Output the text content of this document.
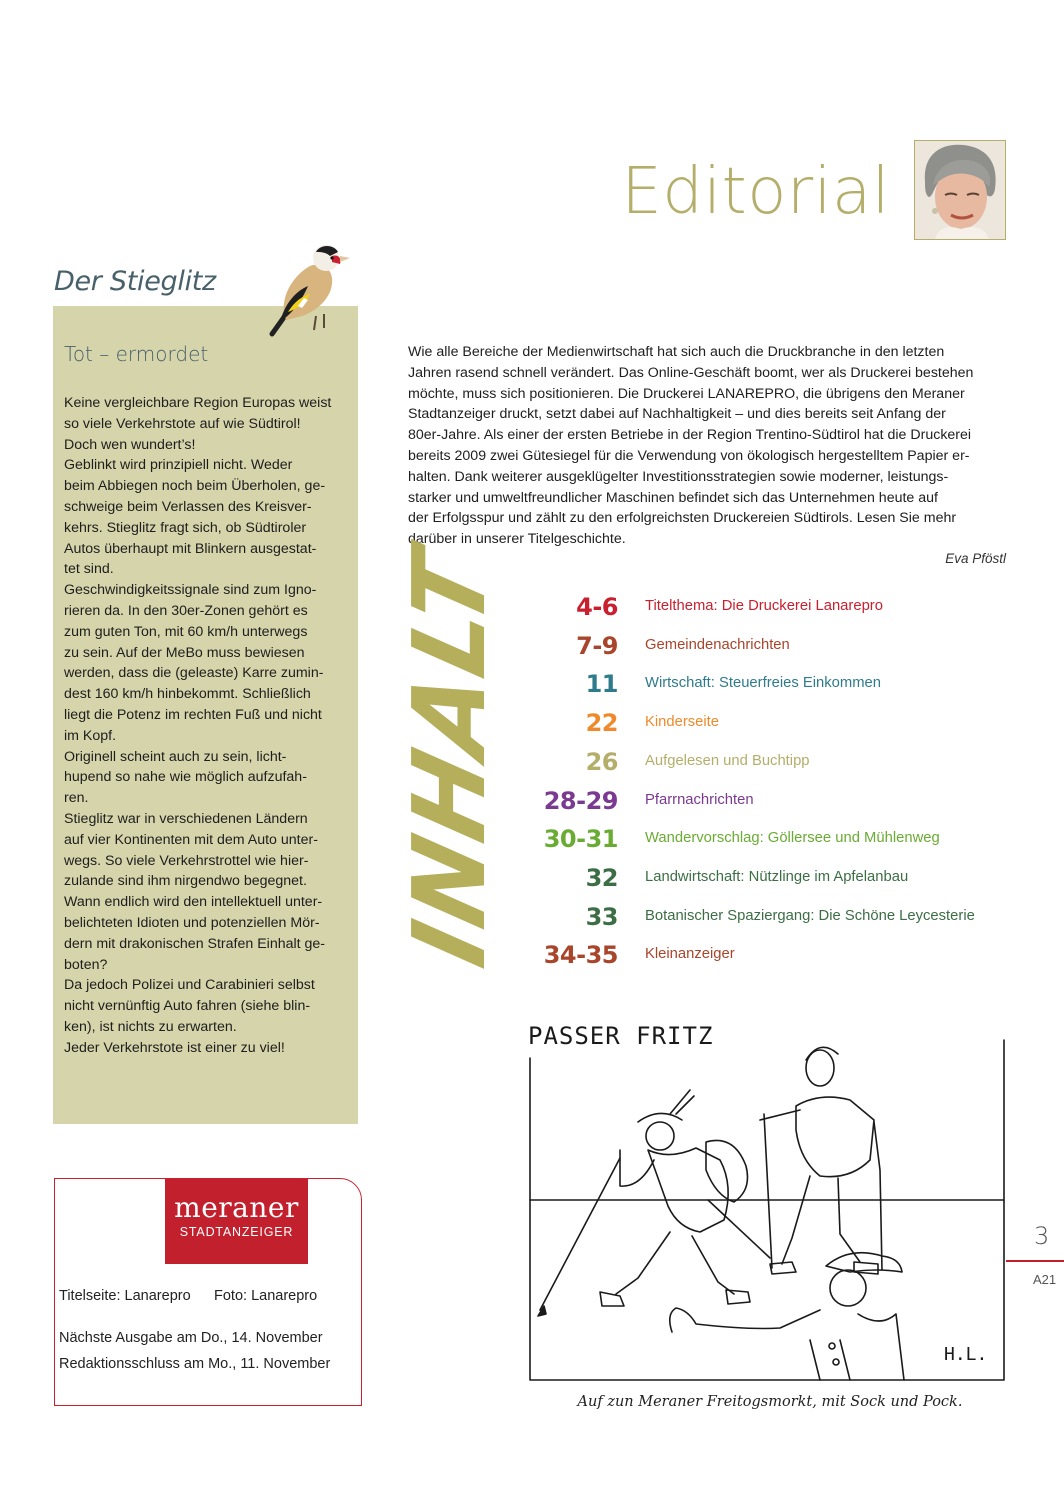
Editorial
Der Stieglitz
Tot – ermordet
Keine vergleichbare Region Europas weist
so viele Verkehrstote auf wie Südtirol!
Doch wen wundert’s!
Geblinkt wird prinzipiell nicht. Weder
beim Abbiegen noch beim Überholen, ge-
schweige beim Verlassen des Kreisver-
kehrs. Stieglitz fragt sich, ob Südtiroler
Autos überhaupt mit Blinkern ausgestat-
tet sind.
Geschwindigkeitssignale sind zum Igno-
rieren da. In den 30er-Zonen gehört es
zum guten Ton, mit 60 km/h unterwegs
zu sein. Auf der MeBo muss bewiesen
werden, dass die (geleaste) Karre zumin-
dest 160 km/h hinbekommt. Schließlich
liegt die Potenz im rechten Fuß und nicht
im Kopf.
Originell scheint auch zu sein, licht-
hupend so nahe wie möglich aufzufah-
ren.
Stieglitz war in verschiedenen Ländern
auf vier Kontinenten mit dem Auto unter-
wegs. So viele Verkehrstrottel wie hier-
zulande sind ihm nirgendwo begegnet.
Wann endlich wird den intellektuell unter-
belichteten Idioten und potenziellen Mör-
dern mit drakonischen Strafen Einhalt ge-
boten?
Da jedoch Polizei und Carabinieri selbst
nicht vernünftig Auto fahren (siehe blin-
ken), ist nichts zu erwarten.
Jeder Verkehrstote ist einer zu viel!
meraner
STADTANZEIGER
Titelseite: Lanarepro Foto: Lanarepro
Nächste Ausgabe am Do., 14. November
Redaktionsschluss am Mo., 11. November
Wie alle Bereiche der Medienwirtschaft hat sich auch die Druckbranche in den letzten
Jahren rasend schnell verändert. Das Online-Geschäft boomt, wer als Druckerei bestehen
möchte, muss sich positionieren. Die Druckerei LANAREPRO, die übrigens den Meraner
Stadtanzeiger druckt, setzt dabei auf Nachhaltigkeit – und dies bereits seit Anfang der
80er-Jahre. Als einer der ersten Betriebe in der Region Trentino-Südtirol hat die Druckerei
bereits 2009 zwei Gütesiegel für die Verwendung von ökologisch hergestelltem Papier er-
halten. Dank weiterer ausgeklügelter Investitionsstrategien sowie moderner, leistungs-
starker und umweltfreundlicher Maschinen befindet sich das Unternehmen heute auf
der Erfolgsspur und zählt zu den erfolgreichsten Druckereien Südtirols. Lesen Sie mehr
darüber in unserer Titelgeschichte.
Eva Pföstl
INHALT	4-6 Titelthema: Die Druckerei Lanarepro
7-9 Gemeindenachrichten
11 Wirtschaft: Steuerfreies Einkommen
22 Kinderseite
26 Aufgelesen und Buchtipp
28-29 Pfarrnachrichten
30-31 Wandervorschlag: Göllersee und Mühlenweg
32 Landwirtschaft: Nützlinge im Apfelanbau
33 Botanischer Spaziergang: Die Schöne Leycesterie
34-35 Kleinanzeiger
3
A21
PASSER FRITZ
H.L.
Auf zun Meraner Freitogsmorkt, mit Sock und Pock.
